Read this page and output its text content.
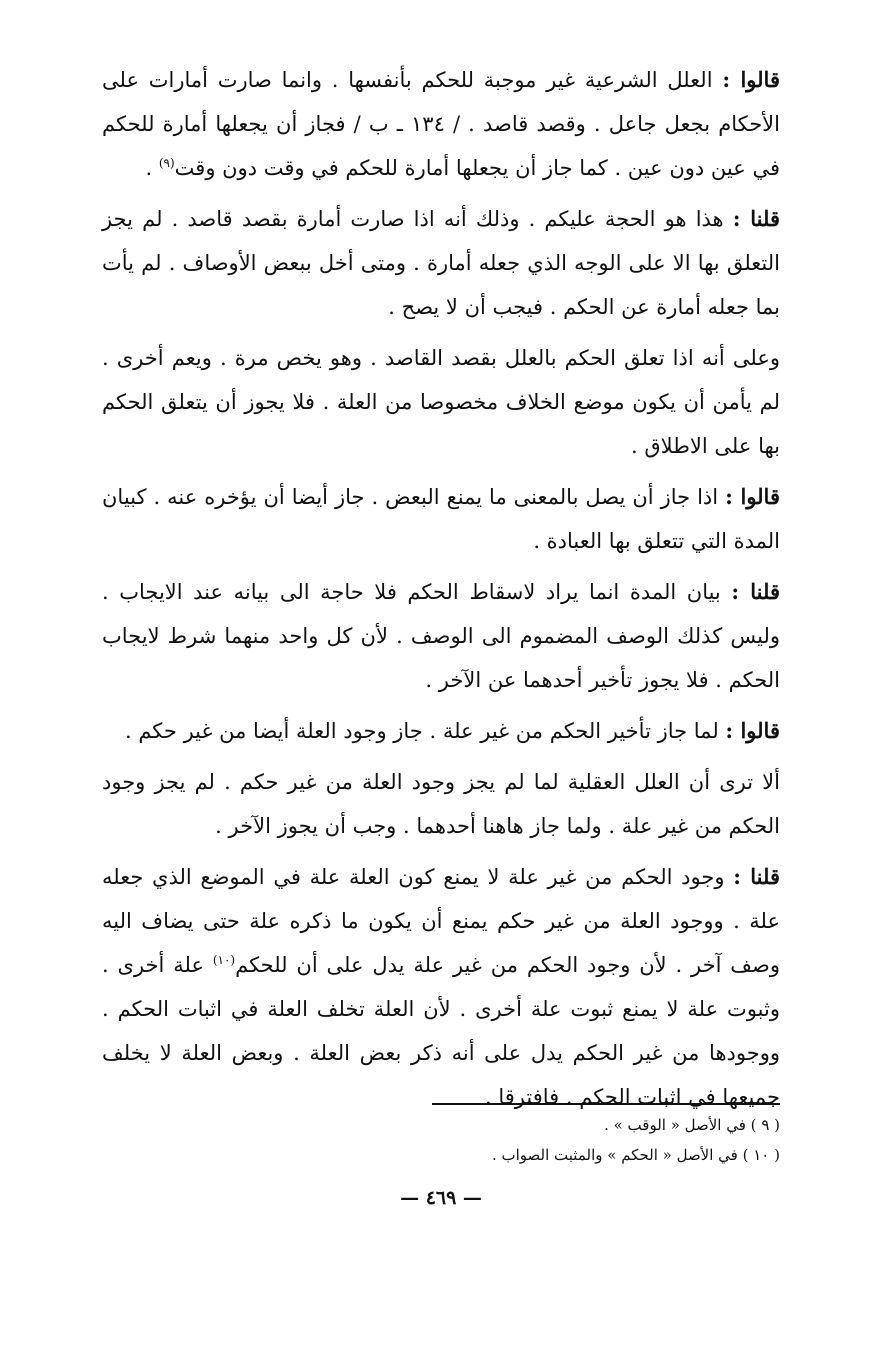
قالوا : العلل الشرعية غير موجبة للحكم بأنفسها . وانما صارت أمارات على الأحكام بجعل جاعل . وقصد قاصد . / ١٣٤ ـ ب / فجاز أن يجعلها أمارة للحكم في عين دون عين . كما جاز أن يجعلها أمارة للحكم في وقت دون وقت$^{(٩)}$ .

قلنا : هذا هو الحجة عليكم . وذلك أنه اذا صارت أمارة بقصد قاصد . لم يجز التعلق بها الا على الوجه الذي جعله أمارة . ومتى أخل ببعض الأوصاف . لم يأت بما جعله أمارة عن الحكم . فيجب أن لا يصح .

وعلى أنه اذا تعلق الحكم بالعلل بقصد القاصد . وهو يخص مرة . ويعم أخرى . لم يأمن أن يكون موضع الخلاف مخصوصا من العلة . فلا يجوز أن يتعلق الحكم بها على الاطلاق .

قالوا : اذا جاز أن يصل بالمعنى ما يمنع البعض . جاز أيضا أن يؤخره عنه . كبيان المدة التي تتعلق بها العبادة .

قلنا : بيان المدة انما يراد لاسقاط الحكم فلا حاجة الى بيانه عند الايجاب . وليس كذلك الوصف المضموم الى الوصف . لأن كل واحد منهما شرط لايجاب الحكم . فلا يجوز تأخير أحدهما عن الآخر .

قالوا : لما جاز تأخير الحكم من غير علة . جاز وجود العلة أيضا من غير حكم .

ألا ترى أن العلل العقلية لما لم يجز وجود العلة من غير حكم . لم يجز وجود الحكم من غير علة . ولما جاز هاهنا أحدهما . وجب أن يجوز الآخر .

قلنا : وجود الحكم من غير علة لا يمنع كون العلة علة في الموضع الذي جعله علة . ووجود العلة من غير حكم يمنع أن يكون ما ذكره علة حتى يضاف اليه وصف آخر . لأن وجود الحكم من غير علة يدل على أن للحكم$^{(١٠)}$ علة أخرى . وثبوت علة لا يمنع ثبوت علة أخرى . لأن العلة تخلف العلة في اثبات الحكم . ووجودها من غير الحكم يدل على أنه ذكر بعض العلة . وبعض العلة لا يخلف جميعها في اثبات الحكم . فافترقا .

( ٩ ) في الأصل « الوقب » .
( ١٠ ) في الأصل « الحكم » والمثبت الصواب .
— ٤٦٩ —
